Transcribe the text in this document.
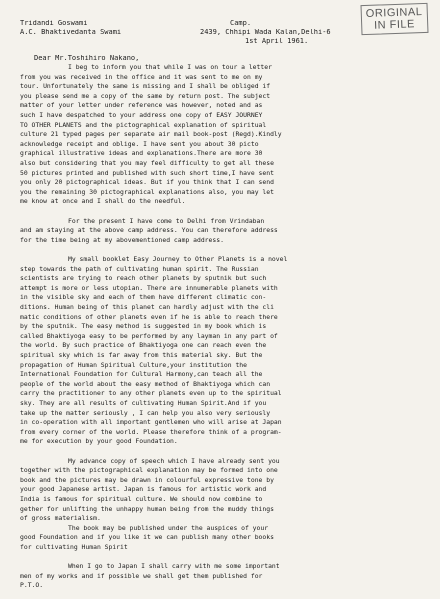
ORIGINAL
IN FILE
Tridandi Goswami
A.C. Bhaktivedanta Swami
Camp.
2439, Chhipi Wada Kalan,Delhi-6
1st April 1961.
Dear Mr.Toshihiro Nakano,
I beg to inform you that while I was on tour a letter
from you was received in the office and it was sent to me on my
tour. Unfortunately the same is missing and I shall be obliged if
you please send me a copy of the same by return post. The subject
matter of your letter under reference was however, noted and as
such I have despatched to your address one copy of EASY JOURNEY
TO OTHER PLANETS and the pictographical explanation of spiritual
culture 21 typed pages per separate air mail book-post (Regd).Kindly
acknowledge receipt and oblige. I have sent you about 30 picto
graphical illustrative ideas and explanations.There are more 30
also but considering that you may feel difficulty to get all these
50 pictures printed and published with such short time,I have sent
you only 20 pictographical ideas. But if you think that I can send
you the remaining 30 pictographical explanations also, you may let
me know at once and I shall do the needful.
For the present I have come to Delhi from Vrindaban
and am staying at the above camp address. You can therefore address
for the time being at my abovementioned camp address.
My small booklet Easy Journey to Other Planets is a novel
step towards the path of cultivating human spirit. The Russian
scientists are trying to reach other planets by sputnik but such
attempt is more or less utopian. There are innumerable planets with
in the visible sky and each of them have different climatic con-
ditions. Human being of this planet can hardly adjust with the cli
matic conditions of other planets even if he is able to reach there
by the sputnik. The easy method is suggested in my book which is
called Bhaktiyoga easy to be performed by any layman in any part of
the world. By such practice of Bhaktiyoga one can reach even the
spiritual sky which is far away from this material sky. But the
propagation of Human Spiritual Culture,your institution the
International Foundation for Cultural Harmony,can teach all the
people of the world about the easy method of Bhaktiyoga which can
carry the practitioner to any other planets even up to the spiritual
sky. They are all results of cultivating Human Spirit.And if you
take up the matter seriously , I can help you also very seriously
in co-operation with all important gentlemen who will arise at Japan
from every corner of the world. Please therefore think of a program-
me for execution by your good Foundation.
My advance copy of speech which I have already sent you
together with the pictographical explanation may be formed into one
book and the pictures may be drawn in colourful expressive tone by
your good Japanese artist. Japan is famous for artistic work and
India is famous for spiritual culture. We should now combine to
gether for unlifting the unhappy human being from the muddy things
of gross materialism.
The book may be published under the auspices of your
good Foundation and if you like it we can publish many other books
for cultivating Human Spirit
When I go to Japan I shall carry with me some important
men of my works and if possible we shall get them published for
P.T.O.
